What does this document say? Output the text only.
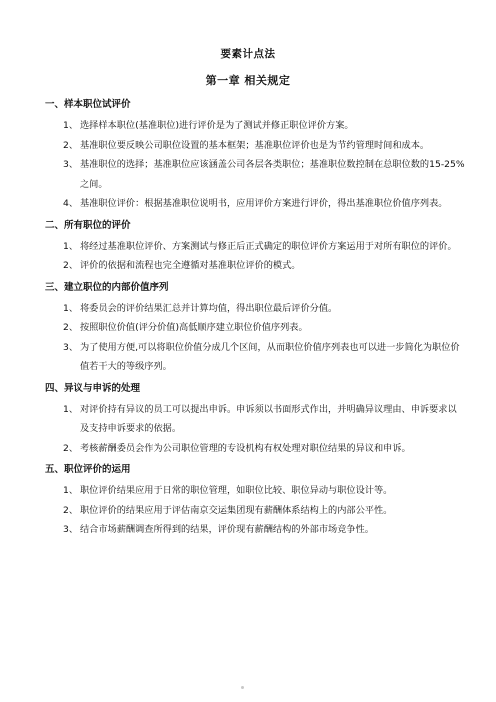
要素计点法
第一章 相关规定
一、样本职位试评价
1、 选择样本职位(基准职位)进行评价是为了测试并修正职位评价方案。
2、 基准职位要反映公司职位设置的基本框架；基准职位评价也是为节约管理时间和成本。
3、 基准职位的选择；基准职位应该涵盖公司各层各类职位；基准职位数控制在总职位数的15-25%之间。
4、 基准职位评价：根据基准职位说明书，应用评价方案进行评价，得出基准职位价值序列表。
二、所有职位的评价
1、 将经过基准职位评价、方案测试与修正后正式确定的职位评价方案运用于对所有职位的评价。
2、 评价的依据和流程也完全遵循对基准职位评价的模式。
三、建立职位的内部价值序列
1、 将委员会的评价结果汇总并计算均值，得出职位最后评价分值。
2、 按照职位价值(评分价值)高低顺序建立职位价值序列表。
3、 为了使用方便,可以将职位价值分成几个区间，从而职位价值序列表也可以进一步简化为职位价值若干大的等级序列。
四、异议与申诉的处理
1、 对评价持有异议的员工可以提出申诉。申诉须以书面形式作出，并明确异议理由、申诉要求以及支持申诉要求的依据。
2、 考核薪酬委员会作为公司职位管理的专设机构有权处理对职位结果的异议和申诉。
五、职位评价的运用
1、 职位评价结果应用于日常的职位管理，如职位比较、职位异动与职位设计等。
2、 职位评价的结果应用于评估南京交运集团现有薪酬体系结构上的内部公平性。
3、 结合市场薪酬调查所得到的结果，评价现有薪酬结构的外部市场竞争性。
